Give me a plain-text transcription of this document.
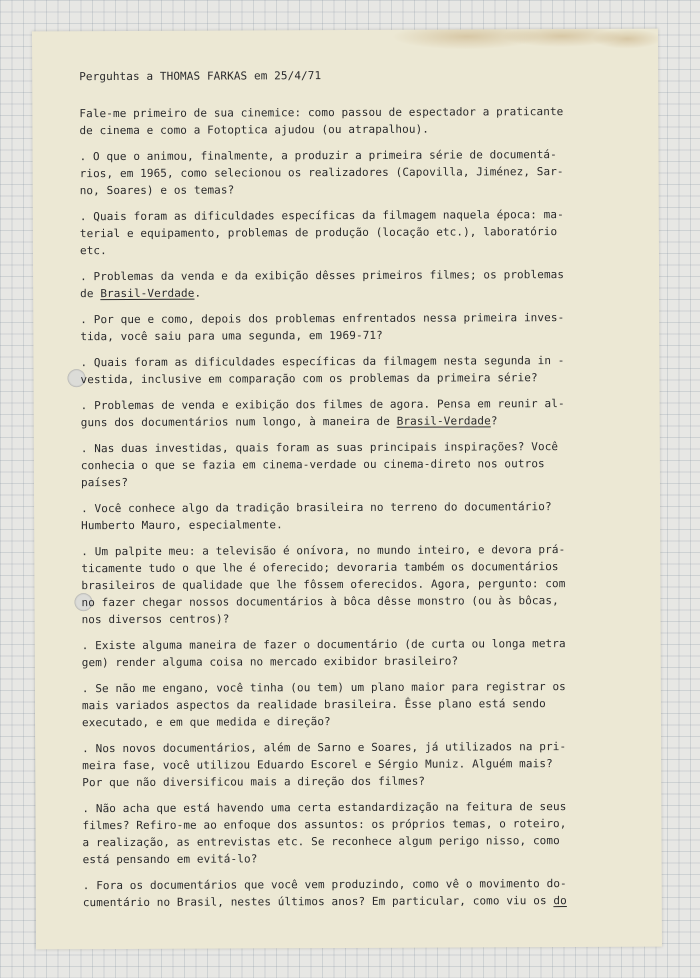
Perguhtas a THOMAS FARKAS em 25/4/71
Fale-me primeiro de sua cinemice: como passou de espectador a praticante
de cinema e como a Fotoptica ajudou (ou atrapalhou).
. O que o animou, finalmente, a produzir a primeira série de documentá-
rios, em 1965, como selecionou os realizadores (Capovilla, Jiménez, Sar-
no, Soares) e os temas?
. Quais foram as dificuldades específicas da filmagem naquela época: ma-
terial e equipamento, problemas de produção (locação etc.), laboratório
etc.
. Problemas da venda e da exibição dêsses primeiros filmes; os problemas
de Brasil-Verdade.
. Por que e como, depois dos problemas enfrentados nessa primeira inves-
tida, você saiu para uma segunda, em 1969-71?
. Quais foram as dificuldades específicas da filmagem nesta segunda in -
vestida, inclusive em comparação com os problemas da primeira série?
. Problemas de venda e exibição dos filmes de agora. Pensa em reunir al-
guns dos documentários num longo, à maneira de Brasil-Verdade?
. Nas duas investidas, quais foram as suas principais inspirações? Você
conhecia o que se fazia em cinema-verdade ou cinema-direto nos outros
países?
. Você conhece algo da tradição brasileira no terreno do documentário?
Humberto Mauro, especialmente.
. Um palpite meu: a televisão é onívora, no mundo inteiro, e devora prá-
ticamente tudo o que lhe é oferecido; devoraria também os documentários
brasileiros de qualidade que lhe fôssem oferecidos. Agora, pergunto: com
no fazer chegar nossos documentários à bôca dêsse monstro (ou às bôcas,
nos diversos centros)?
. Existe alguma maneira de fazer o documentário (de curta ou longa metra
gem) render alguma coisa no mercado exibidor brasileiro?
. Se não me engano, você tinha (ou tem) um plano maior para registrar os
mais variados aspectos da realidade brasileira. Êsse plano está sendo
executado, e em que medida e direção?
. Nos novos documentários, além de Sarno e Soares, já utilizados na pri-
meira fase, você utilizou Eduardo Escorel e Sérgio Muniz. Alguém mais?
Por que não diversificou mais a direção dos filmes?
. Não acha que está havendo uma certa estandardização na feitura de seus
filmes? Refiro-me ao enfoque dos assuntos: os próprios temas, o roteiro,
a realização, as entrevistas etc. Se reconhece algum perigo nisso, como
está pensando em evitá-lo?
. Fora os documentários que você vem produzindo, como vê o movimento do-
cumentário no Brasil, nestes últimos anos? Em particular, como viu os do
